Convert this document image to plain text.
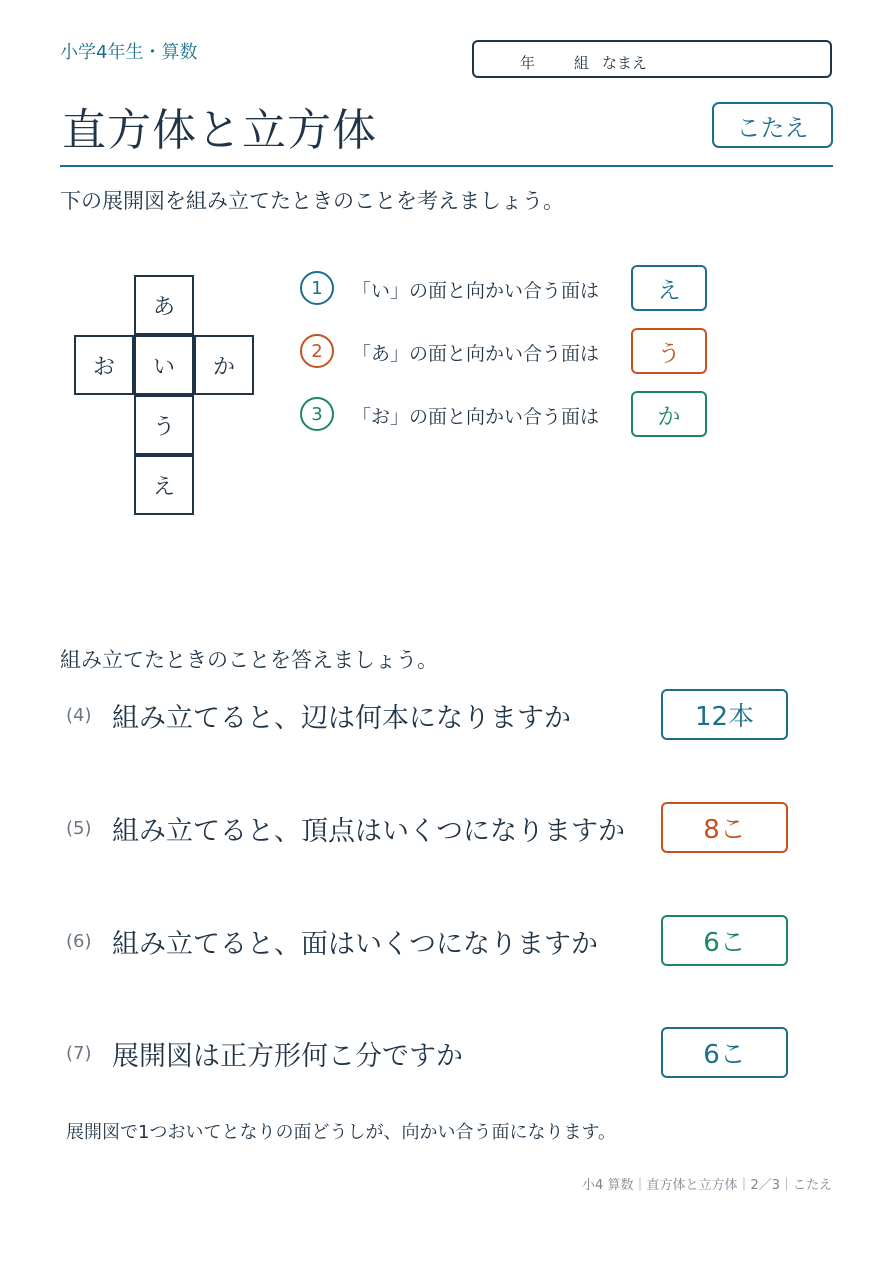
小学4年生・算数	年	組 なまえ
直方体と立方体	こたえ
下の展開図を組み立てたときのことを考えましょう。
あ
お	い	か
う
え
1	「い」の面と向かい合う面は	え
2	「あ」の面と向かい合う面は	う
3	「お」の面と向かい合う面は	か
組み立てたときのことを答えましょう。
(4) 組み立てると、辺は何本になりますか	12本
(5) 組み立てると、頂点はいくつになりますか	8こ
(6) 組み立てると、面はいくつになりますか	6こ
(7) 展開図は正方形何こ分ですか	6こ
展開図で1つおいてとなりの面どうしが、向かい合う面になります。
小4 算数｜直方体と立方体｜2／3｜こたえ
